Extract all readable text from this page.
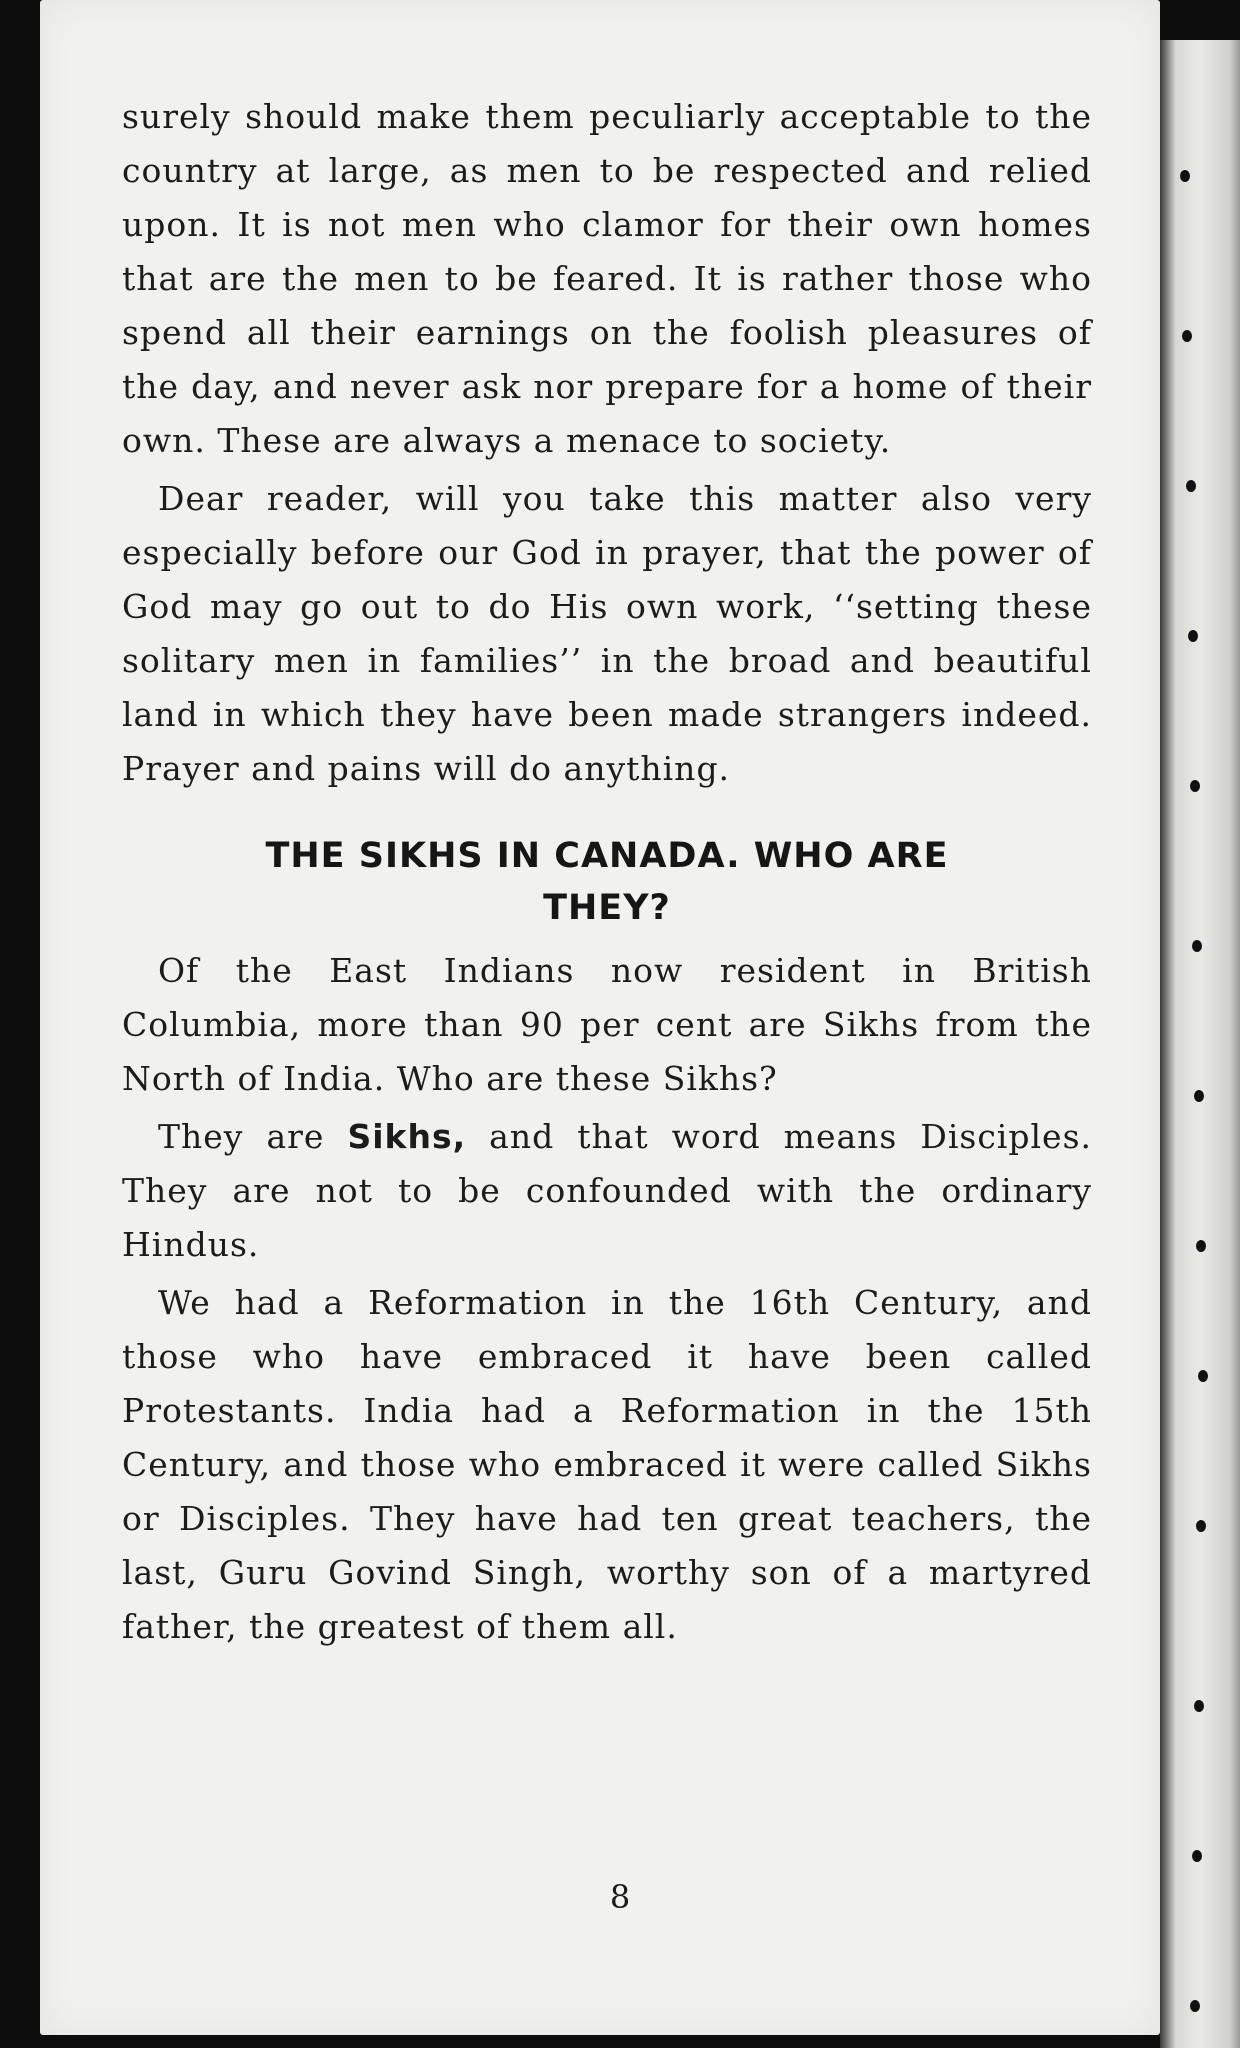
surely should make them peculiarly acceptable to the country at large, as men to be respected and relied upon. It is not men who clamor for their own homes that are the men to be feared. It is rather those who spend all their earnings on the foolish pleasures of the day, and never ask nor prepare for a home of their own. These are always a menace to society.

Dear reader, will you take this matter also very especially before our God in prayer, that the power of God may go out to do His own work, ‘‘setting these solitary men in families’’ in the broad and beautiful land in which they have been made strangers indeed. Prayer and pains will do anything.

THE SIKHS IN CANADA. WHO ARE
THEY?

Of the East Indians now resident in British Columbia, more than 90 per cent are Sikhs from the North of India. Who are these Sikhs?

They are Sikhs, and that word means Disciples. They are not to be confounded with the ordinary Hindus.

We had a Reformation in the 16th Century, and those who have embraced it have been called Protestants. India had a Reformation in the 15th Century, and those who embraced it were called Sikhs or Disciples. They have had ten great teachers, the last, Guru Govind Singh, worthy son of a martyred father, the greatest of them all.

8
